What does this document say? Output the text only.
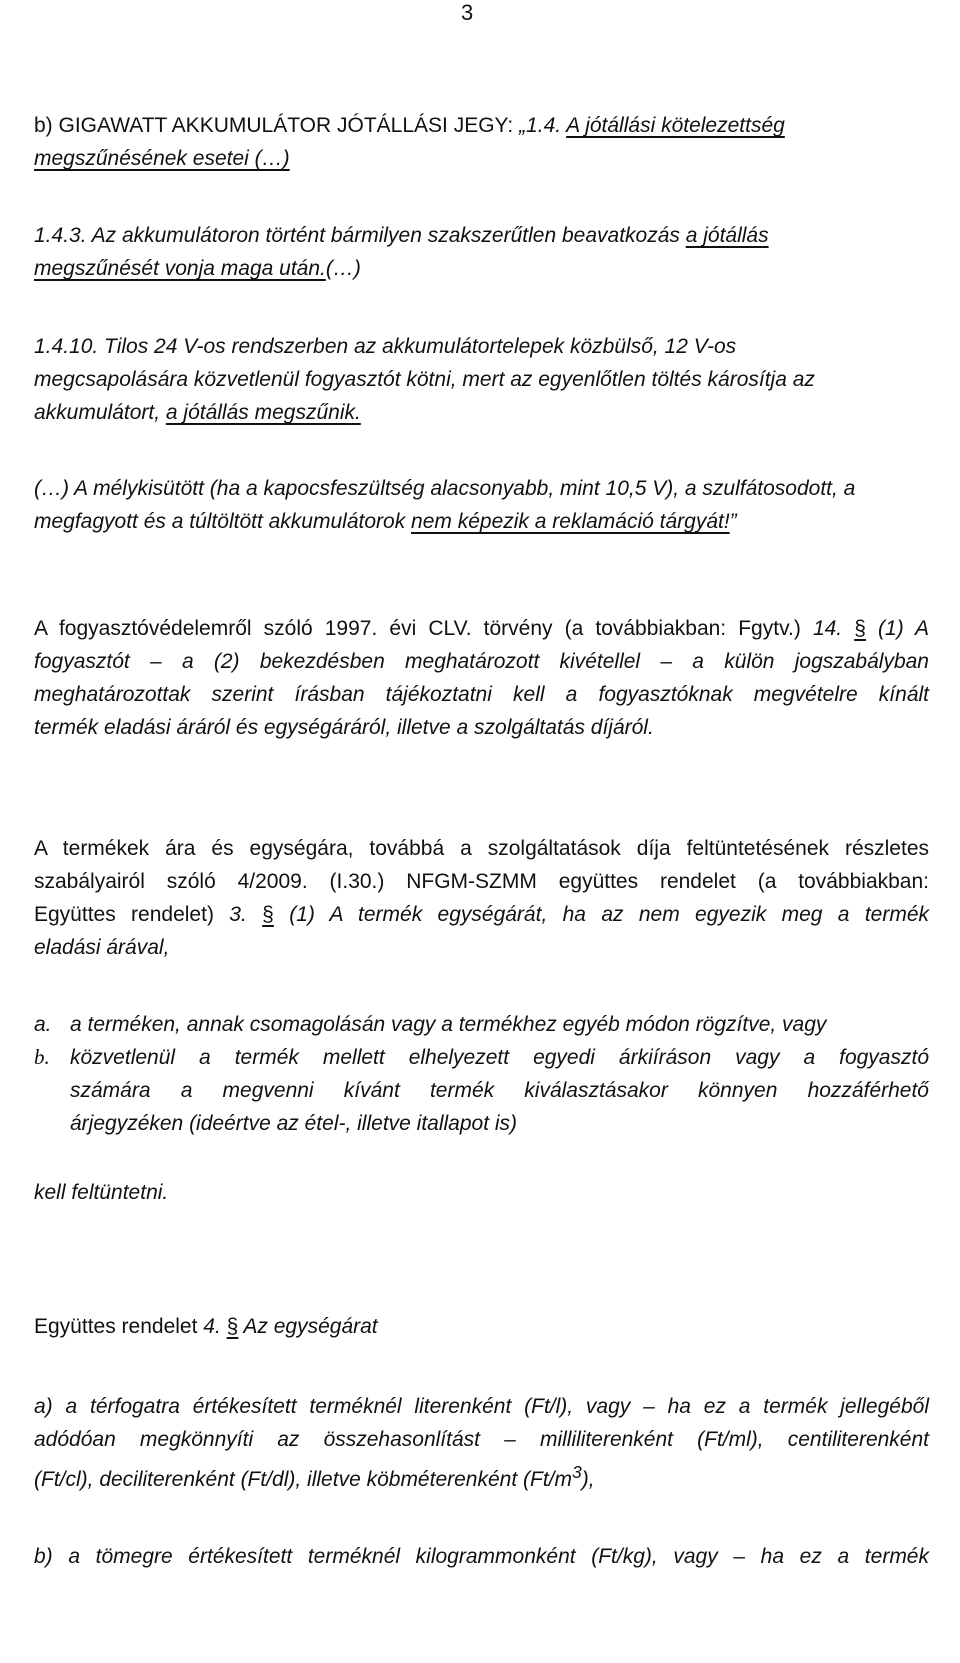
3
b) GIGAWATT AKKUMULÁTOR JÓTÁLLÁSI JEGY: „1.4. A jótállási kötelezettség
megszűnésének esetei (…)
1.4.3. Az akkumulátoron történt bármilyen szakszerűtlen beavatkozás a jótállás
megszűnését vonja maga után.(…)
1.4.10. Tilos 24 V-os rendszerben az akkumulátortelepek közbülső, 12 V-os
megcsapolására közvetlenül fogyasztót kötni, mert az egyenlőtlen töltés károsítja az
akkumulátort, a jótállás megszűnik.
(…) A mélykisütött (ha a kapocsfeszültség alacsonyabb, mint 10,5 V), a szulfátosodott, a
megfagyott és a túltöltött akkumulátorok nem képezik a reklamáció tárgyát!”
A fogyasztóvédelemről szóló 1997. évi CLV. törvény (a továbbiakban: Fgytv.) 14. § (1) A
fogyasztót – a (2) bekezdésben meghatározott kivétellel – a külön jogszabályban
meghatározottak szerint írásban tájékoztatni kell a fogyasztóknak megvételre kínált
termék eladási áráról és egységáráról, illetve a szolgáltatás díjáról.
A termékek ára és egységára, továbbá a szolgáltatások díja feltüntetésének részletes
szabályairól szóló 4/2009. (I.30.) NFGM-SZMM együttes rendelet (a továbbiakban:
Együttes rendelet) 3. § (1) A termék egységárát, ha az nem egyezik meg a termék
eladási árával,
a. a terméken, annak csomagolásán vagy a termékhez egyéb módon rögzítve, vagy
b. közvetlenül a termék mellett elhelyezett egyedi árkiíráson vagy a fogyasztó
számára a megvenni kívánt termék kiválasztásakor könnyen hozzáférhető
árjegyzéken (ideértve az étel-, illetve itallapot is)
kell feltüntetni.
Együttes rendelet 4. § Az egységárat
a) a térfogatra értékesített terméknél literenként (Ft/l), vagy – ha ez a termék jellegéből
adódóan megkönnyíti az összehasonlítást – milliliterenként (Ft/ml), centiliterenként
(Ft/cl), deciliterenként (Ft/dl), illetve köbméterenként $(Ft/m^3)$,
b) a tömegre értékesített terméknél kilogrammonként (Ft/kg), vagy – ha ez a termék
